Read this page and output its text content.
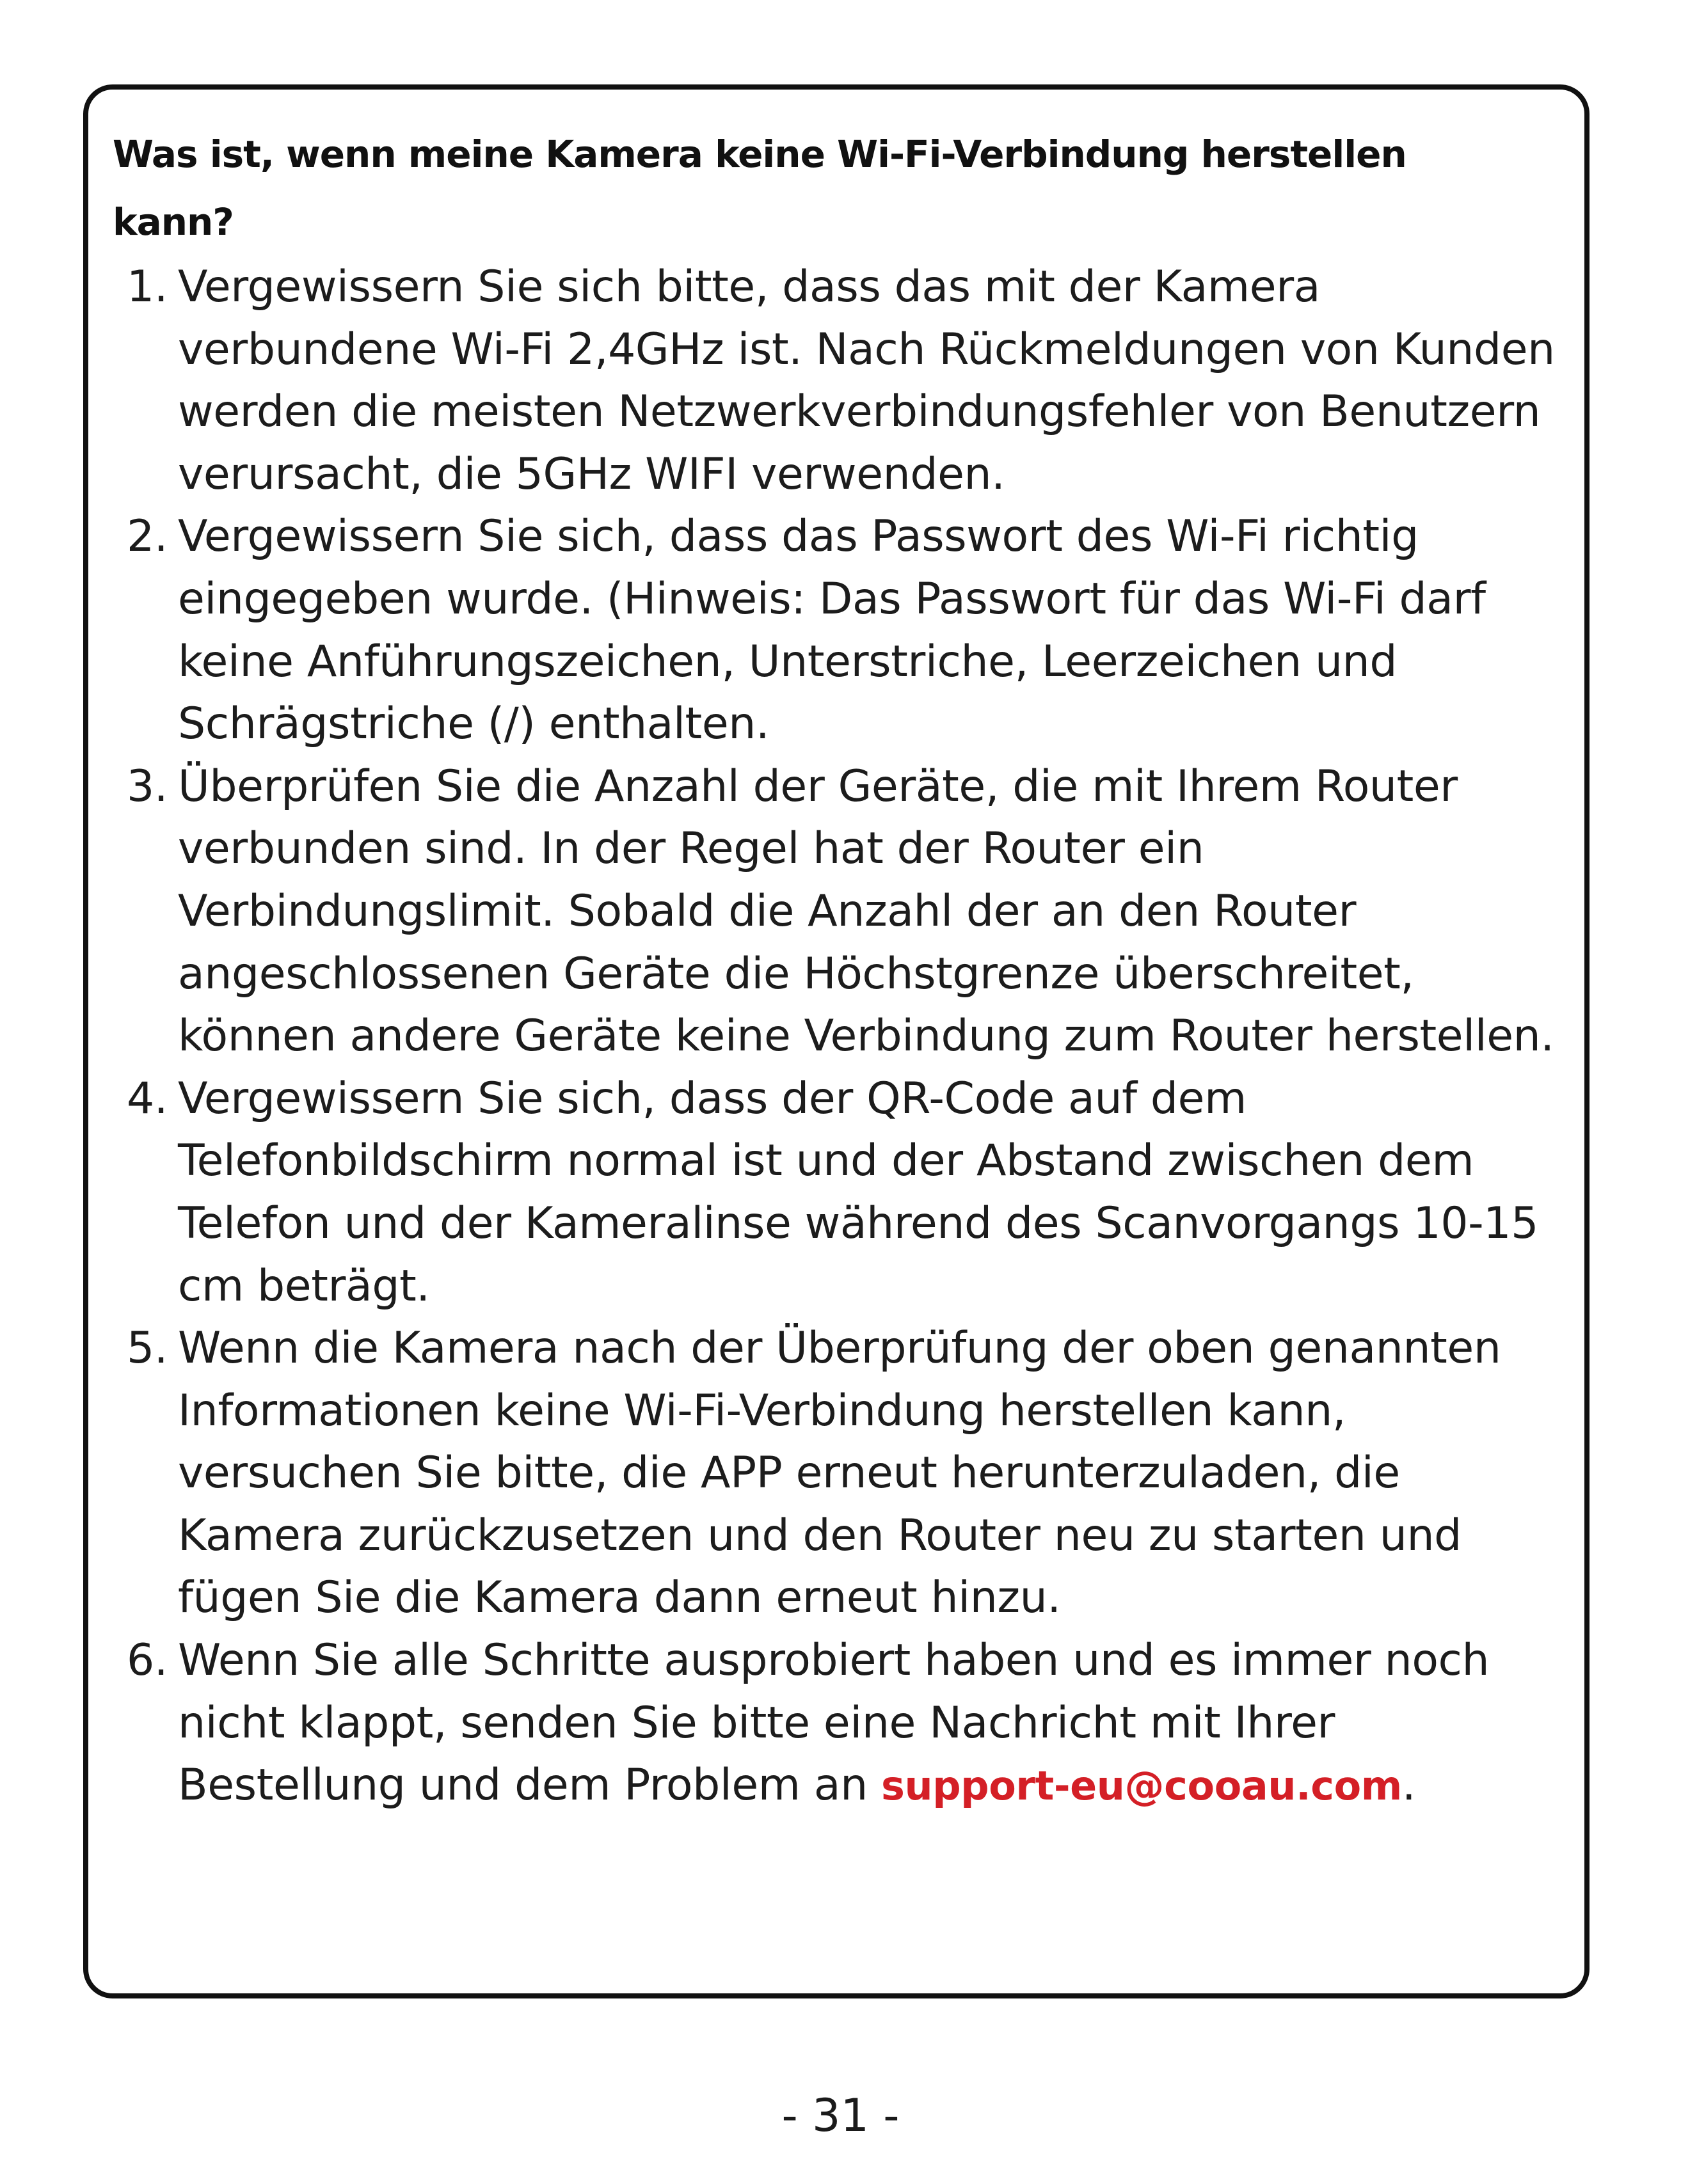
Was ist, wenn meine Kamera keine Wi-Fi-Verbindung herstellen kann?
1. Vergewissern Sie sich bitte, dass das mit der Kamera verbundene Wi-Fi 2,4GHz ist. Nach Rückmeldungen von Kunden werden die meisten Netzwerkverbindungsfehler von Benutzern verursacht, die 5GHz WIFI verwenden.
2. Vergewissern Sie sich, dass das Passwort des Wi-Fi richtig eingegeben wurde. (Hinweis: Das Passwort für das Wi-Fi darf keine Anführungszeichen, Unterstriche, Leerzeichen und Schrägstriche (/) enthalten.
3. Überprüfen Sie die Anzahl der Geräte, die mit Ihrem Router verbunden sind. In der Regel hat der Router ein Verbindungslimit. Sobald die Anzahl der an den Router angeschlossenen Geräte die Höchstgrenze überschreitet, können andere Geräte keine Verbindung zum Router herstellen.
4. Vergewissern Sie sich, dass der QR-Code auf dem Telefonbildschirm normal ist und der Abstand zwischen dem Telefon und der Kameralinse während des Scanvorgangs 10-15 cm beträgt.
5. Wenn die Kamera nach der Überprüfung der oben genannten Informationen keine Wi-Fi-Verbindung herstellen kann, versuchen Sie bitte, die APP erneut herunterzuladen, die Kamera zurückzusetzen und den Router neu zu starten und fügen Sie die Kamera dann erneut hinzu.
6. Wenn Sie alle Schritte ausprobiert haben und es immer noch nicht klappt, senden Sie bitte eine Nachricht mit Ihrer Bestellung und dem Problem an support-eu@cooau.com.
- 31 -
